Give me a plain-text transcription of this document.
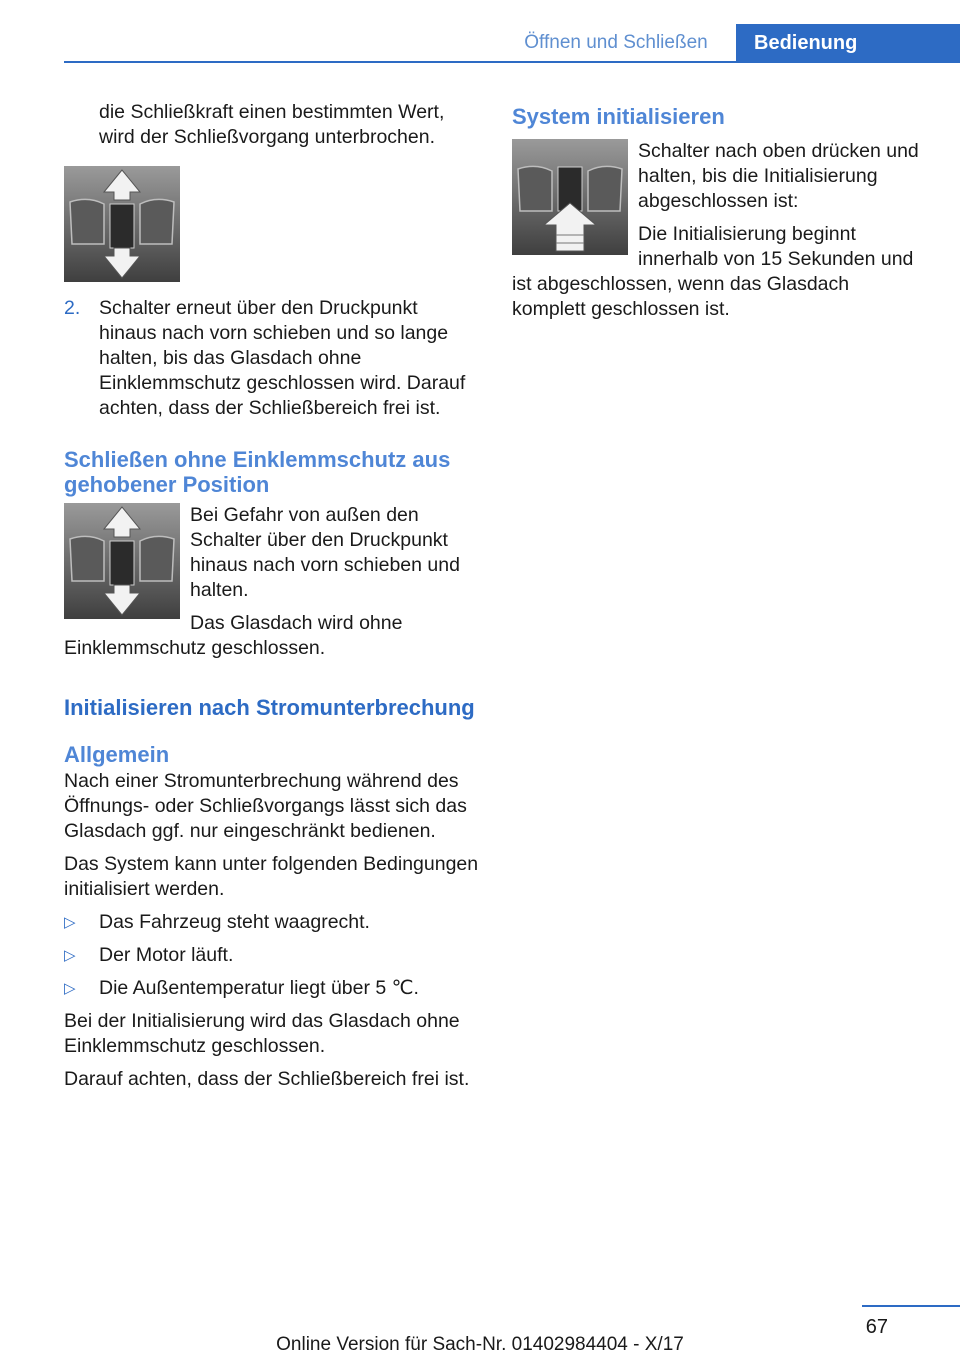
Öffnen und Schließen	Bedienung

die Schließkraft einen bestimmten Wert, wird der Schließvorgang unterbrochen.

2. Schalter erneut über den Druckpunkt hinaus nach vorn schieben und so lange halten, bis das Glasdach ohne Einklemmschutz geschlossen wird. Darauf achten, dass der Schließbereich frei ist.
Schließen ohne Einklemmschutz aus gehobener Position

Bei Gefahr von außen den Schalter über den Druckpunkt hinaus nach vorn schieben und halten.

Das Glasdach wird ohne Einklemmschutz geschlossen.

Initialisieren nach Stromunterbrechung
Allgemein

Nach einer Stromunterbrechung während des Öffnungs- oder Schließvorgangs lässt sich das Glasdach ggf. nur eingeschränkt bedienen.

Das System kann unter folgenden Bedingungen initialisiert werden.

▷	Das Fahrzeug steht waagrecht.
▷	Der Motor läuft.
▷	Die Außentemperatur liegt über 5 ℃.

Bei der Initialisierung wird das Glasdach ohne Einklemmschutz geschlossen.

Darauf achten, dass der Schließbereich frei ist.

System initialisieren

Schalter nach oben drücken und halten, bis die Initialisierung abgeschlossen ist:

Die Initialisierung beginnt innerhalb von 15 Sekunden und ist abgeschlossen, wenn das Glasdach komplett geschlossen ist.

67
Online Version für Sach-Nr. 01402984404 - X/17
